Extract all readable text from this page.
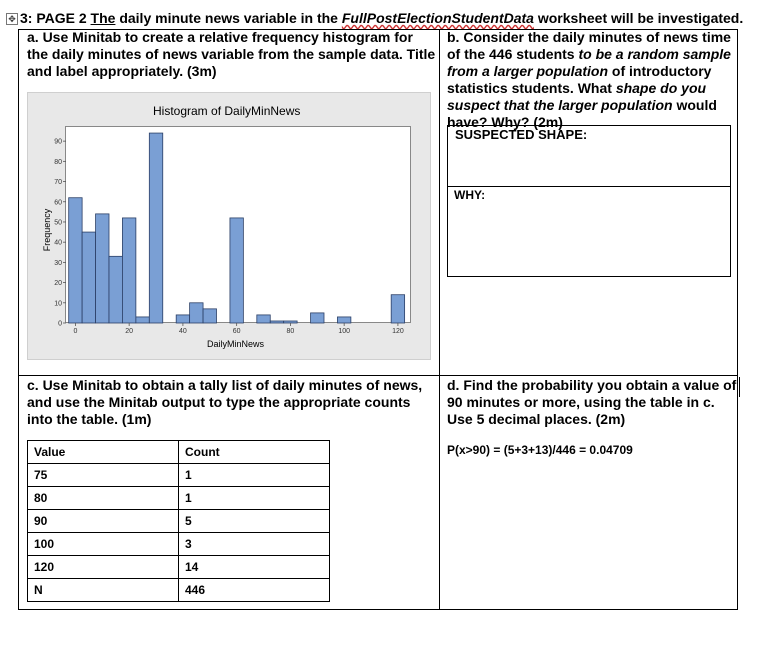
✥ 3: PAGE 2 The daily minute news variable in the FullPostElectionStudentData worksheet will be investigated.
a. Use Minitab to create a relative frequency histogram for the daily minutes of news variable from the sample data. Title and label appropriately. (3m)
0
10
20
30
40
50
60
70
80
90
0	20	40	60	80	100	120
Histogram of DailyMinNews
DailyMinNews
Frequency
b. Consider the daily minutes of news time of the 446 students to be a random sample from a larger population of introductory statistics students. What shape do you suspect that the larger population would have? Why? (2m)
SUSPECTED SHAPE:
WHY:
c. Use Minitab to obtain a tally list of daily minutes of news, and use the Minitab output to type the appropriate counts into the table. (1m)
Value	Count
75	1
80	1
90	5
100	3
120	14
N	446
d. Find the probability you obtain a value of 90 minutes or more, using the table in c. Use 5 decimal places. (2m)
P(x>90) = (5+3+13)/446 = 0.04709
